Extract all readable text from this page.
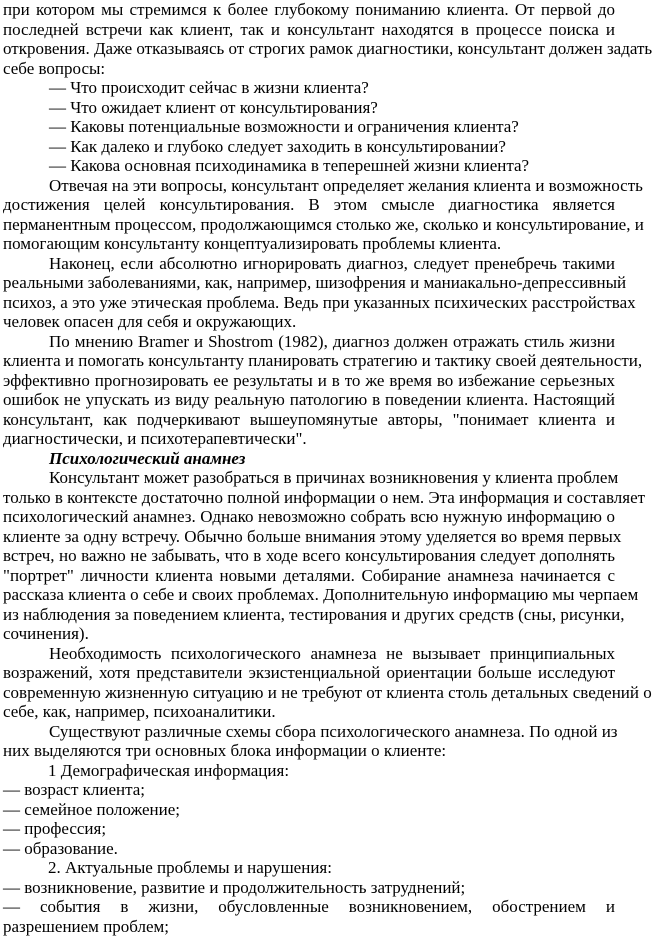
при котором мы стремимся к более глубокому пониманию клиента. От первой до
последней встречи как клиент, так и консультант находятся в процессе поиска и
откровения. Даже отказываясь от строгих рамок диагностики, консультант должен задать
себе вопросы:
— Что происходит сейчас в жизни клиента?
— Что ожидает клиент от консультирования?
— Каковы потенциальные возможности и ограничения клиента?
— Как далеко и глубоко следует заходить в консультировании?
— Какова основная психодинамика в теперешней жизни клиента?
Отвечая на эти вопросы, консультант определяет желания клиента и возможность
достижения целей консультирования. В этом смысле диагностика является
перманентным процессом, продолжающимся столько же, сколько и консультирование, и
помогающим консультанту концептуализировать проблемы клиента.
Наконец, если абсолютно игнорировать диагноз, следует пренебречь такими
реальными заболеваниями, как, например, шизофрения и маниакально-депрессивный
психоз, а это уже этическая проблема. Ведь при указанных психических расстройствах
человек опасен для себя и окружающих.
По мнению Bramer и Shostrom (1982), диагноз должен отражать стиль жизни
клиента и помогать консультанту планировать стратегию и тактику своей деятельности,
эффективно прогнозировать ее результаты и в то же время во избежание серьезных
ошибок не упускать из виду реальную патологию в поведении клиента. Настоящий
консультант, как подчеркивают вышеупомянутые авторы, "понимает клиента и
диагностически, и психотерапевтически".
Психологический анамнез
Консультант может разобраться в причинах возникновения у клиента проблем
только в контексте достаточно полной информации о нем. Эта информация и составляет
психологический анамнез. Однако невозможно собрать всю нужную информацию о
клиенте за одну встречу. Обычно больше внимания этому уделяется во время первых
встреч, но важно не забывать, что в ходе всего консультирования следует дополнять
"портрет" личности клиента новыми деталями. Собирание анамнеза начинается с
рассказа клиента о себе и своих проблемах. Дополнительную информацию мы черпаем
из наблюдения за поведением клиента, тестирования и других средств (сны, рисунки,
сочинения).
Необходимость психологического анамнеза не вызывает принципиальных
возражений, хотя представители экзистенциальной ориентации больше исследуют
современную жизненную ситуацию и не требуют от клиента столь детальных сведений о
себе, как, например, психоаналитики.
Существуют различные схемы сбора психологического анамнеза. По одной из
них выделяются три основных блока информации о клиенте:
1 Демографическая информация:
— возраст клиента;
— семейное положение;
— профессия;
— образование.
2. Актуальные проблемы и нарушения:
— возникновение, развитие и продолжительность затруднений;
— события в жизни, обусловленные возникновением, обострением и
разрешением проблем;
